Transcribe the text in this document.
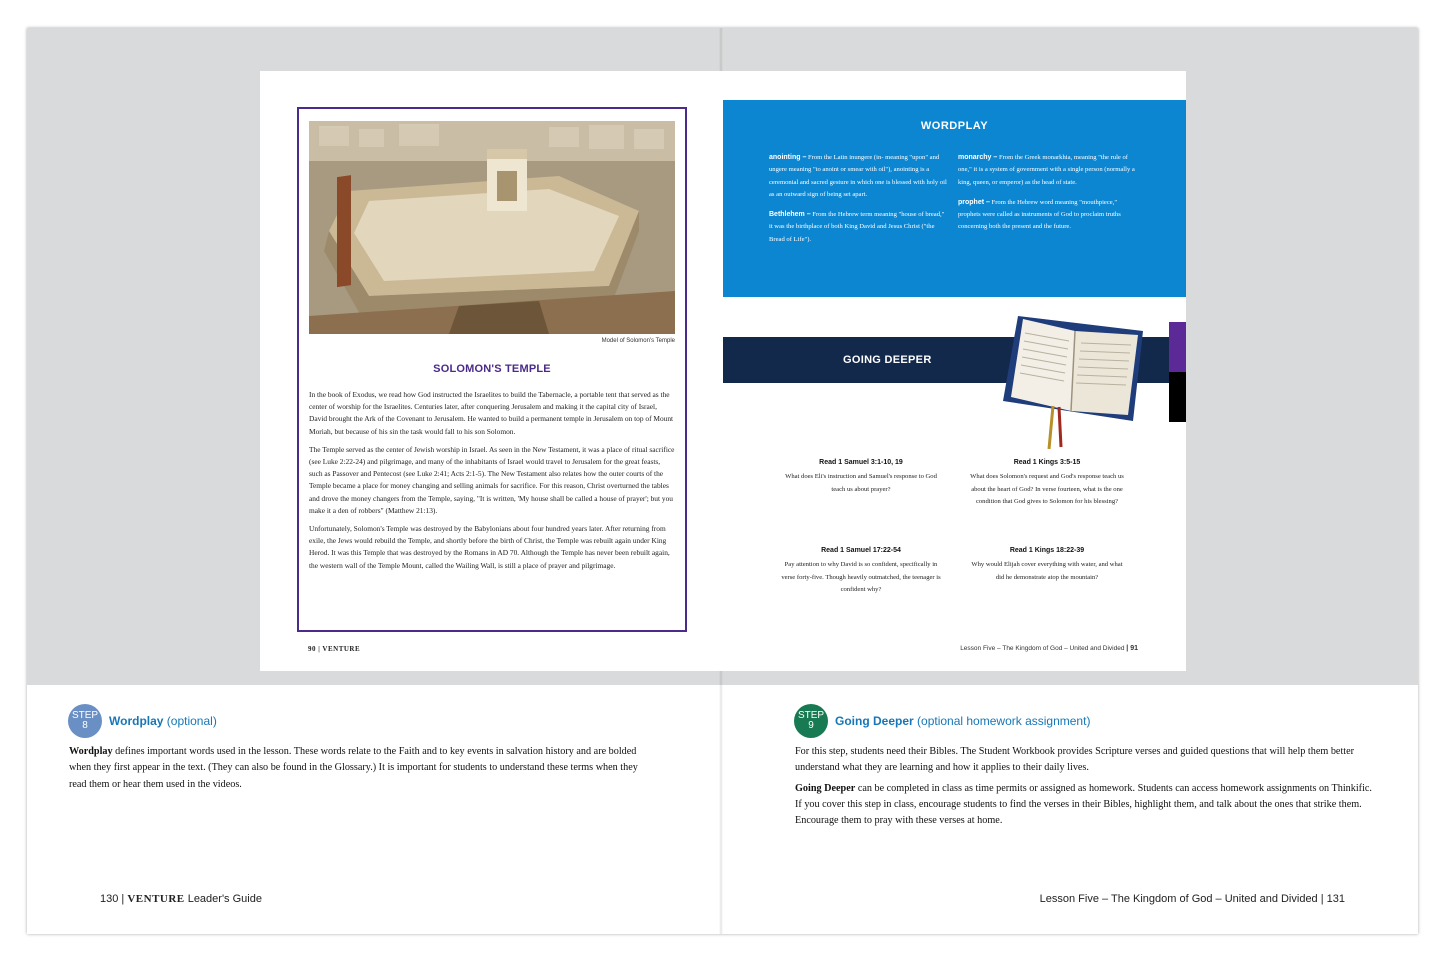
Model of Solomon's Temple
SOLOMON'S TEMPLE

In the book of Exodus, we read how God instructed the Israelites to build the Tabernacle, a portable tent that served as the center of worship for the Israelites. Centuries later, after conquering Jerusalem and making it the capital city of Israel, David brought the Ark of the Covenant to Jerusalem. He wanted to build a permanent temple in Jerusalem on top of Mount Moriah, but because of his sin the task would fall to his son Solomon.

The Temple served as the center of Jewish worship in Israel. As seen in the New Testament, it was a place of ritual sacrifice (see Luke 2:22-24) and pilgrimage, and many of the inhabitants of Israel would travel to Jerusalem for the great feasts, such as Passover and Pentecost (see Luke 2:41; Acts 2:1-5). The New Testament also relates how the outer courts of the Temple became a place for money changing and selling animals for sacrifice. For this reason, Christ overturned the tables and drove the money changers from the Temple, saying, "It is written, 'My house shall be called a house of prayer'; but you make it a den of robbers" (Matthew 21:13).

Unfortunately, Solomon's Temple was destroyed by the Babylonians about four hundred years later. After returning from exile, the Jews would rebuild the Temple, and shortly before the birth of Christ, the Temple was rebuilt again under King Herod. It was this Temple that was destroyed by the Romans in AD 70. Although the Temple has never been rebuilt again, the western wall of the Temple Mount, called the Wailing Wall, is still a place of prayer and pilgrimage.

90 | VENTURE
WORDPLAY

anointing – From the Latin inungere (in- meaning "upon" and ungere meaning "to anoint or smear with oil"), anointing is a ceremonial and sacred gesture in which one is blessed with holy oil as an outward sign of being set apart.

Bethlehem – From the Hebrew term meaning "house of bread," it was the birthplace of both King David and Jesus Christ ("the Bread of Life").

monarchy – From the Greek monarkhia, meaning "the rule of one," it is a system of government with a single person (normally a king, queen, or emperor) as the head of state.

prophet – From the Hebrew word meaning "mouthpiece," prophets were called as instruments of God to proclaim truths concerning both the present and the future.

GOING DEEPER
Read 1 Samuel 3:1-10, 19
What does Eli's instruction and Samuel's response to God teach us about prayer?
Read 1 Kings 3:5-15
What does Solomon's request and God's response teach us about the heart of God? In verse fourteen, what is the one condition that God gives to Solomon for his blessing?
Read 1 Samuel 17:22-54
Pay attention to why David is so confident, specifically in verse forty-five. Though heavily outmatched, the teenager is confident why?
Read 1 Kings 18:22-39
Why would Elijah cover everything with water, and what did he demonstrate atop the mountain?
Lesson Five – The Kingdom of God – United and Divided | 91
STEP
8 Wordplay (optional)

Wordplay defines important words used in the lesson. These words relate to the Faith and to key events in salvation history and are bolded when they first appear in the text. (They can also be found in the Glossary.) It is important for students to understand these terms when they read them or hear them used in the videos.

130 | VENTURE Leader's Guide
STEP
9 Going Deeper (optional homework assignment)

For this step, students need their Bibles. The Student Workbook provides Scripture verses and guided questions that will help them better understand what they are learning and how it applies to their daily lives.

Going Deeper can be completed in class as time permits or assigned as homework. Students can access homework assignments on Thinkific. If you cover this step in class, encourage students to find the verses in their Bibles, highlight them, and talk about the ones that strike them. Encourage them to pray with these verses at home.

Lesson Five – The Kingdom of God – United and Divided | 131
